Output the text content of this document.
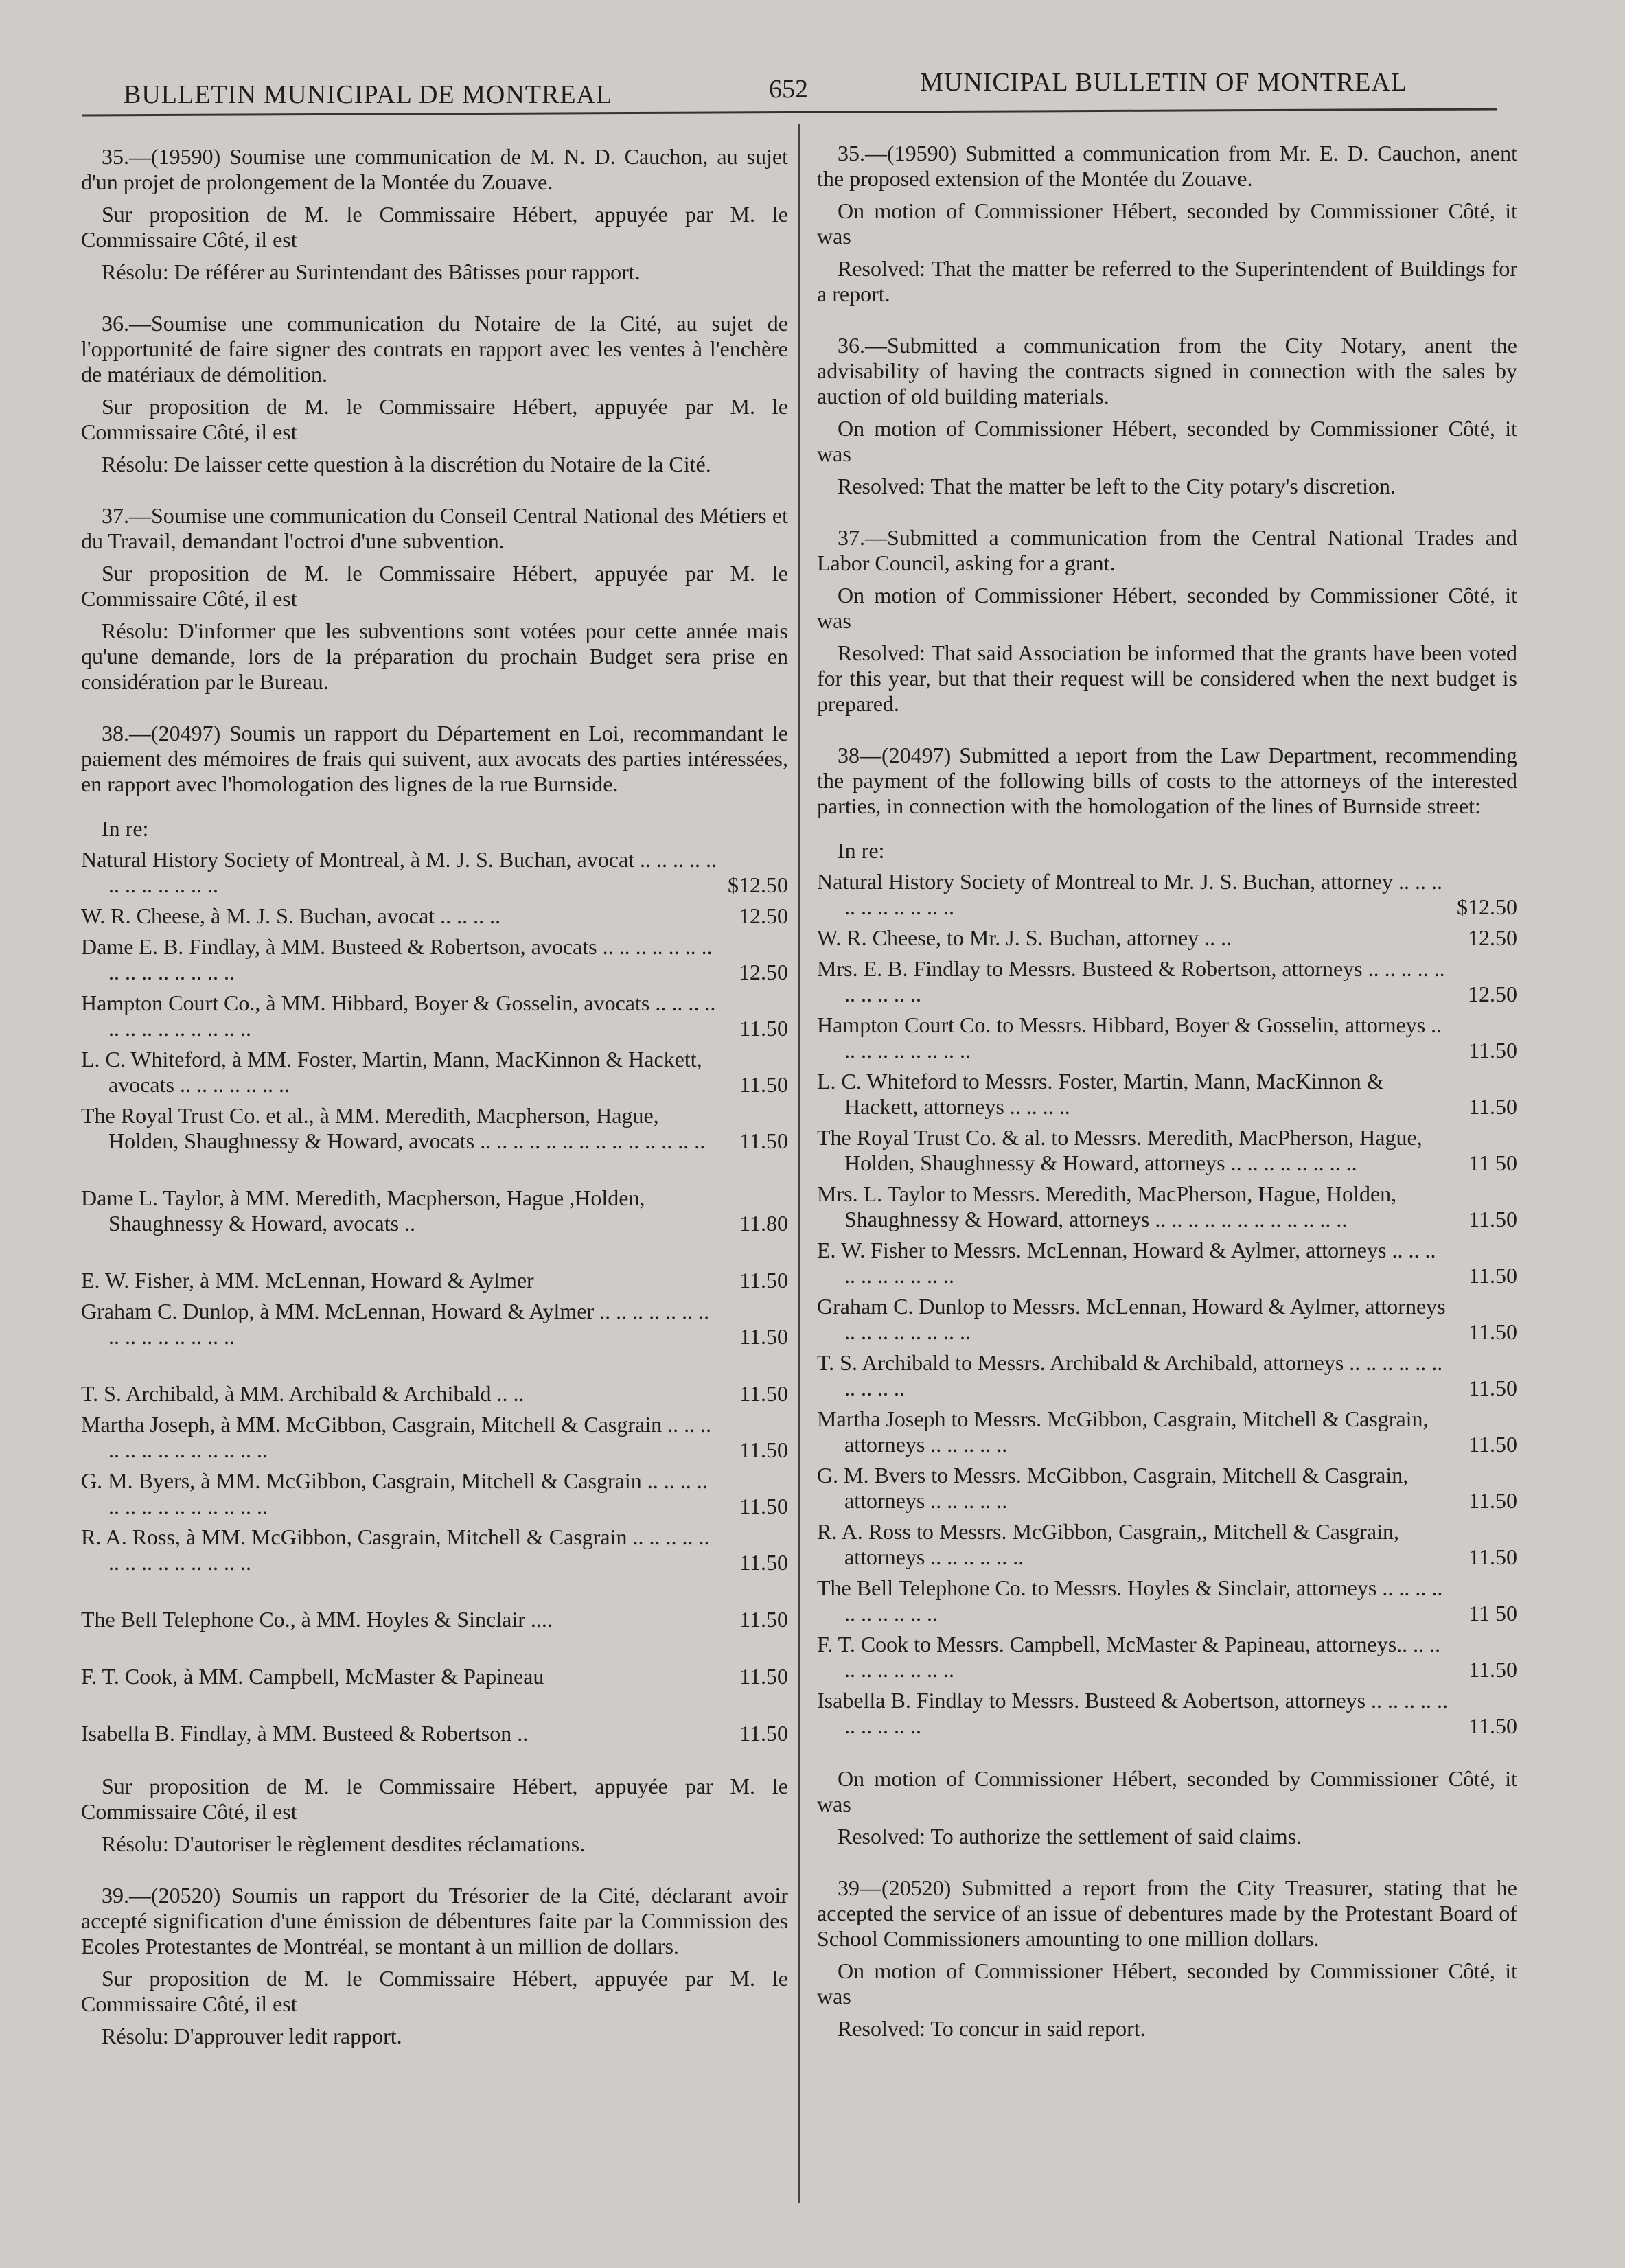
BULLETIN MUNICIPAL DE MONTREAL	652	MUNICIPAL BULLETIN OF MONTREAL

35.—(19590) Soumise une communication de M. N. D. Cauchon, au sujet d'un projet de prolongement de la Montée du Zouave.

Sur proposition de M. le Commissaire Hébert, appuyée par M. le Commissaire Côté, il est

Résolu: De référer au Surintendant des Bâtisses pour rapport.

36.—Soumise une communication du Notaire de la Cité, au sujet de l'opportunité de faire signer des contrats en rapport avec les ventes à l'enchère de matériaux de démolition.

Sur proposition de M. le Commissaire Hébert, appuyée par M. le Commissaire Côté, il est

Résolu: De laisser cette question à la discrétion du Notaire de la Cité.

37.—Soumise une communication du Conseil Central National des Métiers et du Travail, demandant l'octroi d'une subvention.

Sur proposition de M. le Commissaire Hébert, appuyée par M. le Commissaire Côté, il est

Résolu: D'informer que les subventions sont votées pour cette année mais qu'une demande, lors de la préparation du prochain Budget sera prise en considération par le Bureau.

38.—(20497) Soumis un rapport du Département en Loi, recommandant le paiement des mémoires de frais qui suivent, aux avocats des parties intéressées, en rapport avec l'homologation des lignes de la rue Burnside.

In re:
Natural History Society of Montreal, à M. J. S. Buchan, avocat .. .. .. .. .. .. .. .. .. .. .. ..	$12.50
W. R. Cheese, à M. J. S. Buchan, avocat .. .. .. ..	12.50
Dame E. B. Findlay, à MM. Busteed & Robertson, avocats .. .. .. .. .. .. .. .. .. .. .. .. .. .. ..	12.50
Hampton Court Co., à MM. Hibbard, Boyer & Gosselin, avocats .. .. .. .. .. .. .. .. .. .. .. .. ..	11.50
L. C. Whiteford, à MM. Foster, Martin, Mann, MacKinnon & Hackett, avocats .. .. .. .. .. .. ..	11.50
The Royal Trust Co. et al., à MM. Meredith, Macpherson, Hague, Holden, Shaughnessy & Howard, avocats .. .. .. .. .. .. .. .. .. .. .. .. .. ..	11.50
Dame L. Taylor, à MM. Meredith, Macpherson, Hague ,Holden, Shaughnessy & Howard, avocats ..	11.80
E. W. Fisher, à MM. McLennan, Howard & Aylmer	11.50
Graham C. Dunlop, à MM. McLennan, Howard & Aylmer .. .. .. .. .. .. .. .. .. .. .. .. .. .. ..	11.50
T. S. Archibald, à MM. Archibald & Archibald .. ..	11.50
Martha Joseph, à MM. McGibbon, Casgrain, Mitchell & Casgrain .. .. .. .. .. .. .. .. .. .. .. .. ..	11.50
G. M. Byers, à MM. McGibbon, Casgrain, Mitchell & Casgrain .. .. .. .. .. .. .. .. .. .. .. .. .. ..	11.50
R. A. Ross, à MM. McGibbon, Casgrain, Mitchell & Casgrain .. .. .. .. .. .. .. .. .. .. .. .. .. ..	11.50
The Bell Telephone Co., à MM. Hoyles & Sinclair ....	11.50
F. T. Cook, à MM. Campbell, McMaster & Papineau	11.50
Isabella B. Findlay, à MM. Busteed & Robertson ..	11.50

Sur proposition de M. le Commissaire Hébert, appuyée par M. le Commissaire Côté, il est

Résolu: D'autoriser le règlement desdites réclamations.

39.—(20520) Soumis un rapport du Trésorier de la Cité, déclarant avoir accepté signification d'une émission de débentures faite par la Commission des Ecoles Protestantes de Montréal, se montant à un million de dollars.

Sur proposition de M. le Commissaire Hébert, appuyée par M. le Commissaire Côté, il est

Résolu: D'approuver ledit rapport.

35.—(19590) Submitted a communication from Mr. E. D. Cauchon, anent the proposed extension of the Montée du Zouave.

On motion of Commissioner Hébert, seconded by Commissioner Côté, it was

Resolved: That the matter be referred to the Superintendent of Buildings for a report.

36.—Submitted a communication from the City Notary, anent the advisability of having the contracts signed in connection with the sales by auction of old building materials.

On motion of Commissioner Hébert, seconded by Commissioner Côté, it was

Resolved: That the matter be left to the City potary's discretion.

37.—Submitted a communication from the Central National Trades and Labor Council, asking for a grant.

On motion of Commissioner Hébert, seconded by Commissioner Côté, it was

Resolved: That said Association be informed that the grants have been voted for this year, but that their request will be considered when the next budget is prepared.

38—(20497) Submitted a ıeport from the Law Department, recommending the payment of the following bills of costs to the attorneys of the interested parties, in connection with the homologation of the lines of Burnside street:

In re:
Natural History Society of Montreal to Mr. J. S. Buchan, attorney .. .. .. .. .. .. .. .. .. ..	$12.50
W. R. Cheese, to Mr. J. S. Buchan, attorney .. ..	12.50
Mrs. E. B. Findlay to Messrs. Busteed & Robertson, attorneys .. .. .. .. .. .. .. .. .. ..	12.50
Hampton Court Co. to Messrs. Hibbard, Boyer & Gosselin, attorneys .. .. .. .. .. .. .. .. ..	11.50
L. C. Whiteford to Messrs. Foster, Martin, Mann, MacKinnon & Hackett, attorneys .. .. .. ..	11.50
The Royal Trust Co. & al. to Messrs. Meredith, MacPherson, Hague, Holden, Shaughnessy & Howard, attorneys .. .. .. .. .. .. .. ..	11 50
Mrs. L. Taylor to Messrs. Meredith, MacPherson, Hague, Holden, Shaughnessy & Howard, attorneys .. .. .. .. .. .. .. .. .. .. .. ..	11.50
E. W. Fisher to Messrs. McLennan, Howard & Aylmer, attorneys .. .. .. .. .. .. .. .. .. ..	11.50
Graham C. Dunlop to Messrs. McLennan, Howard & Aylmer, attorneys .. .. .. .. .. .. .. ..	11.50
T. S. Archibald to Messrs. Archibald & Archibald, attorneys .. .. .. .. .. .. .. .. .. ..	11.50
Martha Joseph to Messrs. McGibbon, Casgrain, Mitchell & Casgrain, attorneys .. .. .. .. ..	11.50
G. M. Bvers to Messrs. McGibbon, Casgrain, Mitchell & Casgrain, attorneys .. .. .. .. ..	11.50
R. A. Ross to Messrs. McGibbon, Casgrain,, Mitchell & Casgrain, attorneys .. .. .. .. .. ..	11.50
The Bell Telephone Co. to Messrs. Hoyles & Sinclair, attorneys .. .. .. .. .. .. .. .. .. ..	11 50
F. T. Cook to Messrs. Campbell, McMaster & Papineau, attorneys.. .. .. .. .. .. .. .. .. ..	11.50
Isabella B. Findlay to Messrs. Busteed & Aobertson, attorneys .. .. .. .. .. .. .. .. .. ..	11.50

On motion of Commissioner Hébert, seconded by Commissioner Côté, it was

Resolved: To authorize the settlement of said claims.

39—(20520) Submitted a report from the City Treasurer, stating that he accepted the service of an issue of debentures made by the Protestant Board of School Commissioners amounting to one million dollars.

On motion of Commissioner Hébert, seconded by Commissioner Côté, it was

Resolved: To concur in said report.
